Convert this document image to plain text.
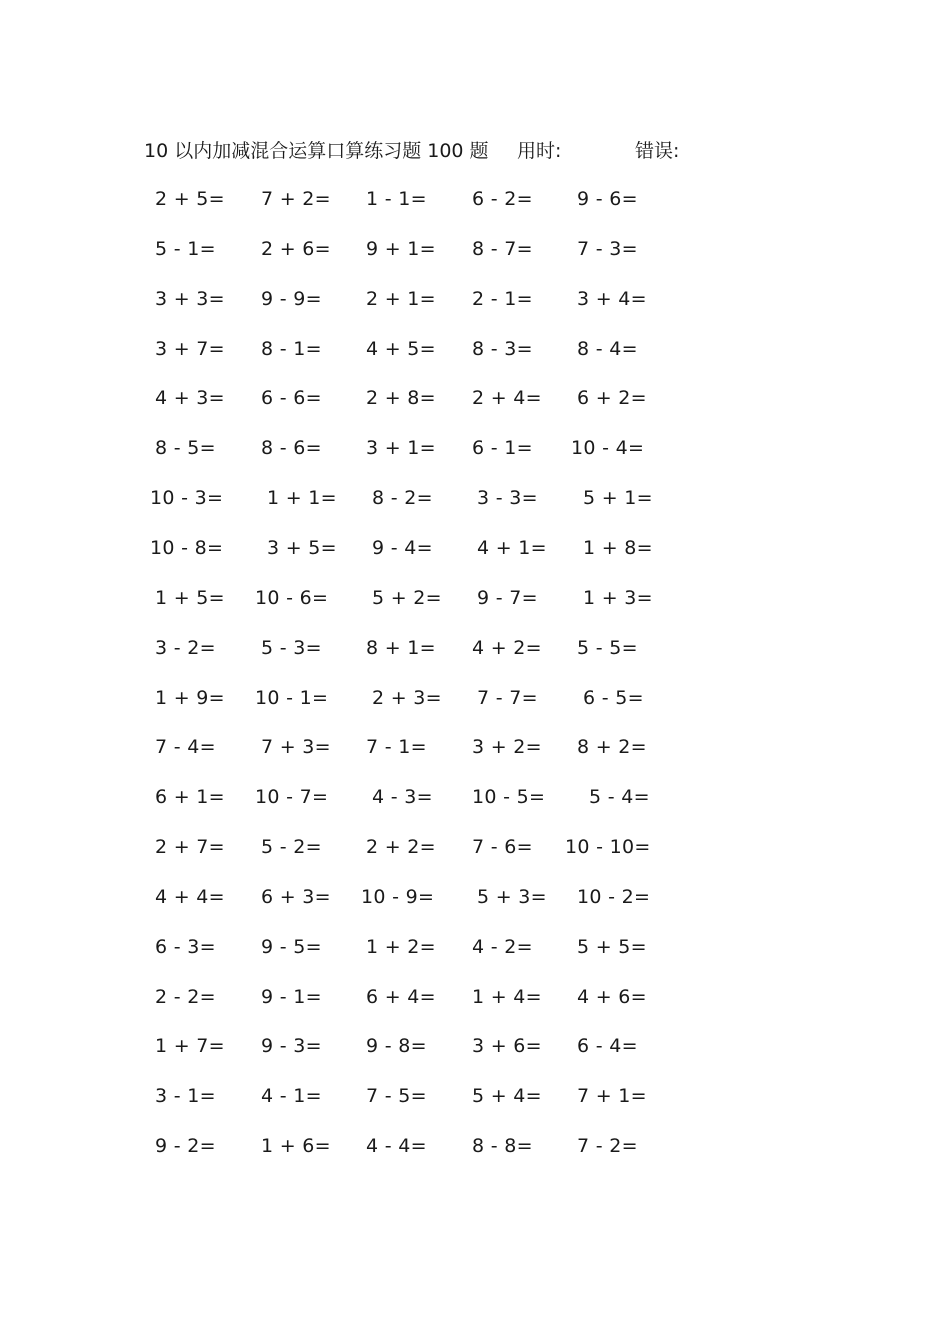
10 以内加减混合运算口算练习题 100 题 用时:	错误:
2 + 5= 7 + 2= 1 - 1= 6 - 2= 9 - 6=
5 - 1= 2 + 6= 9 + 1= 8 - 7= 7 - 3=
3 + 3= 9 - 9= 2 + 1= 2 - 1= 3 + 4=
3 + 7= 8 - 1= 4 + 5= 8 - 3= 8 - 4=
4 + 3= 6 - 6= 2 + 8= 2 + 4= 6 + 2=
8 - 5= 8 - 6= 3 + 1= 6 - 1= 10 - 4=
10 - 3= 1 + 1= 8 - 2= 3 - 3= 5 + 1=
10 - 8= 3 + 5= 9 - 4= 4 + 1= 1 + 8=
1 + 5= 10 - 6= 5 + 2= 9 - 7= 1 + 3=
3 - 2= 5 - 3= 8 + 1= 4 + 2= 5 - 5=
1 + 9= 10 - 1= 2 + 3= 7 - 7= 6 - 5=
7 - 4= 7 + 3= 7 - 1= 3 + 2= 8 + 2=
6 + 1= 10 - 7= 4 - 3= 10 - 5= 5 - 4=
2 + 7= 5 - 2= 2 + 2= 7 - 6= 10 - 10=
4 + 4= 6 + 3= 10 - 9= 5 + 3= 10 - 2=
6 - 3= 9 - 5= 1 + 2= 4 - 2= 5 + 5=
2 - 2= 9 - 1= 6 + 4= 1 + 4= 4 + 6=
1 + 7= 9 - 3= 9 - 8= 3 + 6= 6 - 4=
3 - 1= 4 - 1= 7 - 5= 5 + 4= 7 + 1=
9 - 2= 1 + 6= 4 - 4= 8 - 8= 7 - 2=
